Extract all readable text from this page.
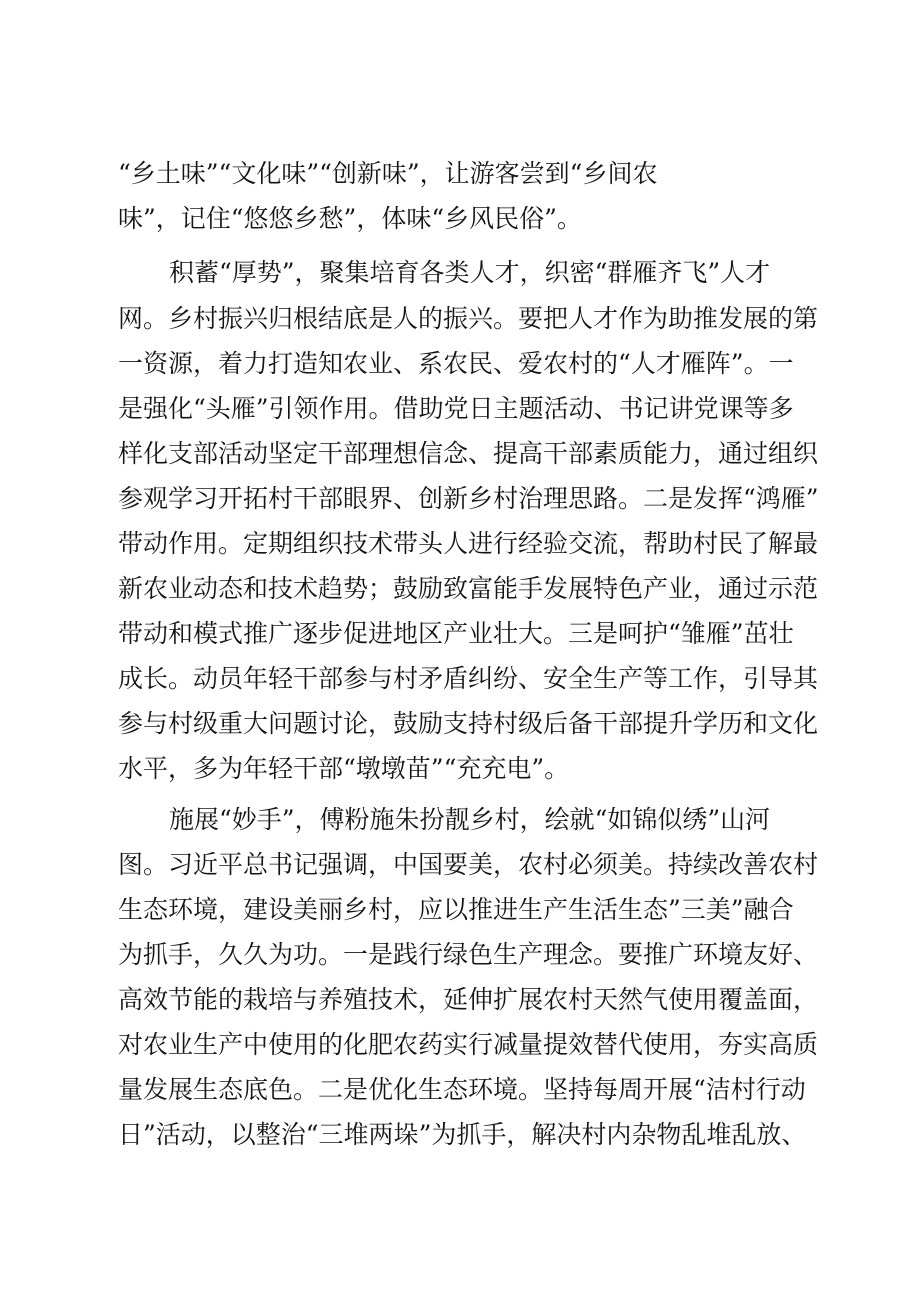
“乡土味”“文化味”“创新味”，让游客尝到“乡间农
味”，记住“悠悠乡愁”，体味“乡风民俗”。
积蓄“厚势”，聚集培育各类人才，织密“群雁齐飞”人才
网。乡村振兴归根结底是人的振兴。要把人才作为助推发展的第
一资源，着力打造知农业、系农民、爱农村的“人才雁阵”。一
是强化“头雁”引领作用。借助党日主题活动、书记讲党课等多
样化支部活动坚定干部理想信念、提高干部素质能力，通过组织
参观学习开拓村干部眼界、创新乡村治理思路。二是发挥“鸿雁”
带动作用。定期组织技术带头人进行经验交流，帮助村民了解最
新农业动态和技术趋势；鼓励致富能手发展特色产业，通过示范
带动和模式推广逐步促进地区产业壮大。三是呵护“雏雁”茁壮
成长。动员年轻干部参与村矛盾纠纷、安全生产等工作，引导其
参与村级重大问题讨论，鼓励支持村级后备干部提升学历和文化
水平，多为年轻干部“墩墩苗”“充充电”。
施展“妙手”，傅粉施朱扮靓乡村，绘就“如锦似绣”山河
图。习近平总书记强调，中国要美，农村必须美。持续改善农村
生态环境，建设美丽乡村，应以推进生产生活生态”三美”融合
为抓手，久久为功。一是践行绿色生产理念。要推广环境友好、
高效节能的栽培与养殖技术，延伸扩展农村天然气使用覆盖面，
对农业生产中使用的化肥农药实行减量提效替代使用，夯实高质
量发展生态底色。二是优化生态环境。坚持每周开展“洁村行动
日”活动，以整治“三堆两垛”为抓手，解决村内杂物乱堆乱放、
